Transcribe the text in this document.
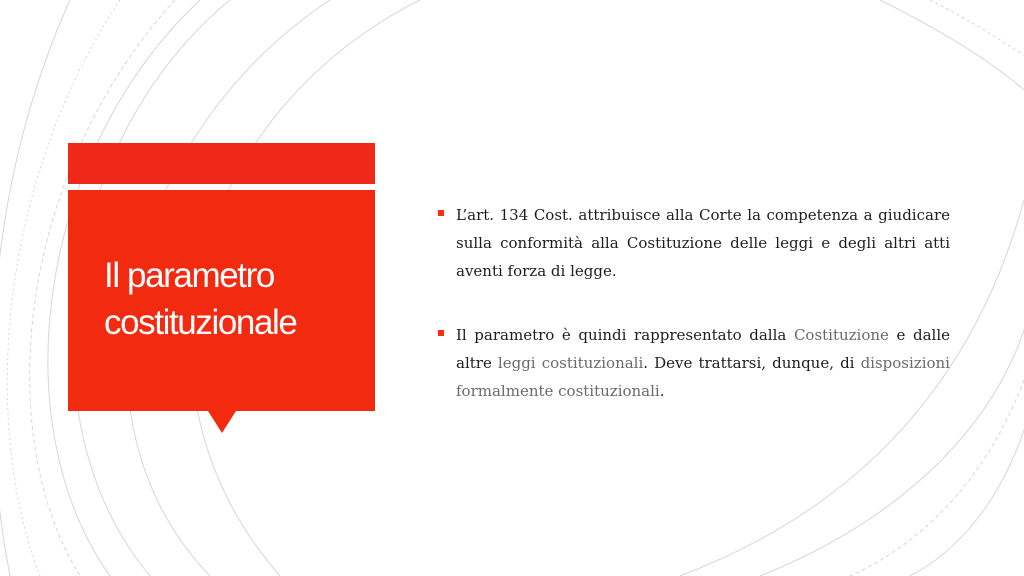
Il parametro
costituzionale
L’art. 134 Cost. attribuisce alla Corte la competenza a giudicare sulla conformità alla Costituzione delle leggi e degli altri atti aventi forza di legge.
Il parametro è quindi rappresentato dalla Costituzione e dalle altre leggi costituzionali. Deve trattarsi, dunque, di disposizioni formalmente costituzionali.
